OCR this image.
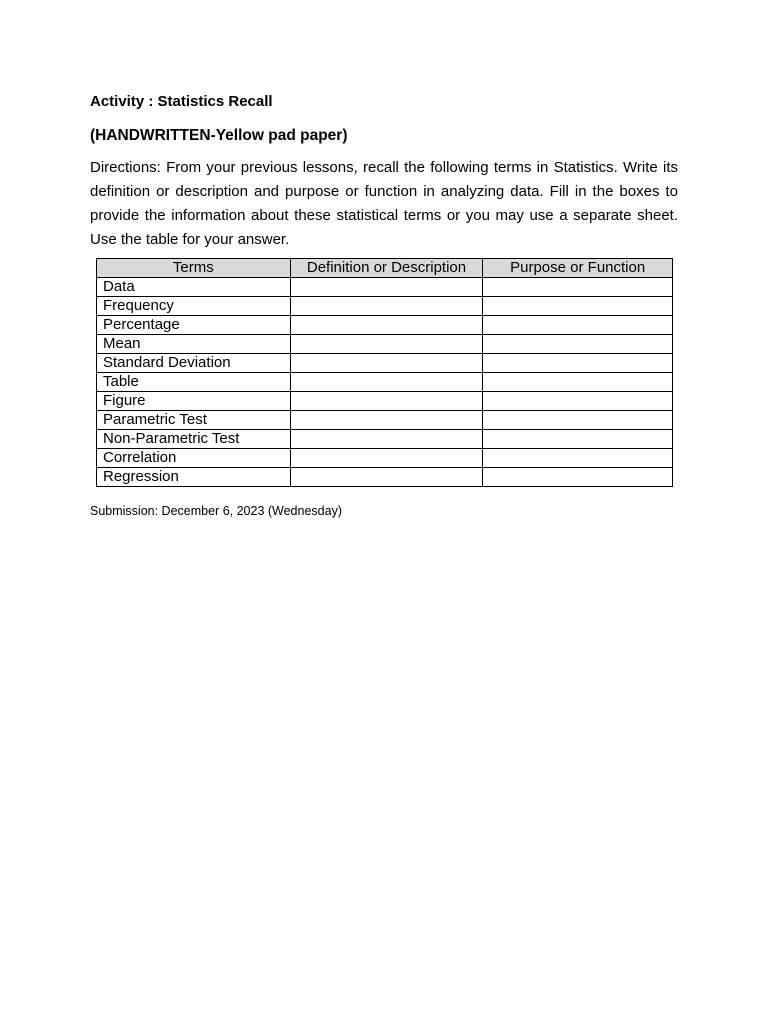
Activity : Statistics Recall
(HANDWRITTEN-Yellow pad paper)
Directions: From your previous lessons, recall the following terms in Statistics. Write its definition or description and purpose or function in analyzing data. Fill in the boxes to provide the information about these statistical terms or you may use a separate sheet. Use the table for your answer.
Terms	Definition or Description	Purpose or Function
Data		
Frequency		
Percentage		
Mean		
Standard Deviation		
Table		
Figure		
Parametric Test		
Non-Parametric Test		
Correlation		
Regression		
Submission: December 6, 2023 (Wednesday)
